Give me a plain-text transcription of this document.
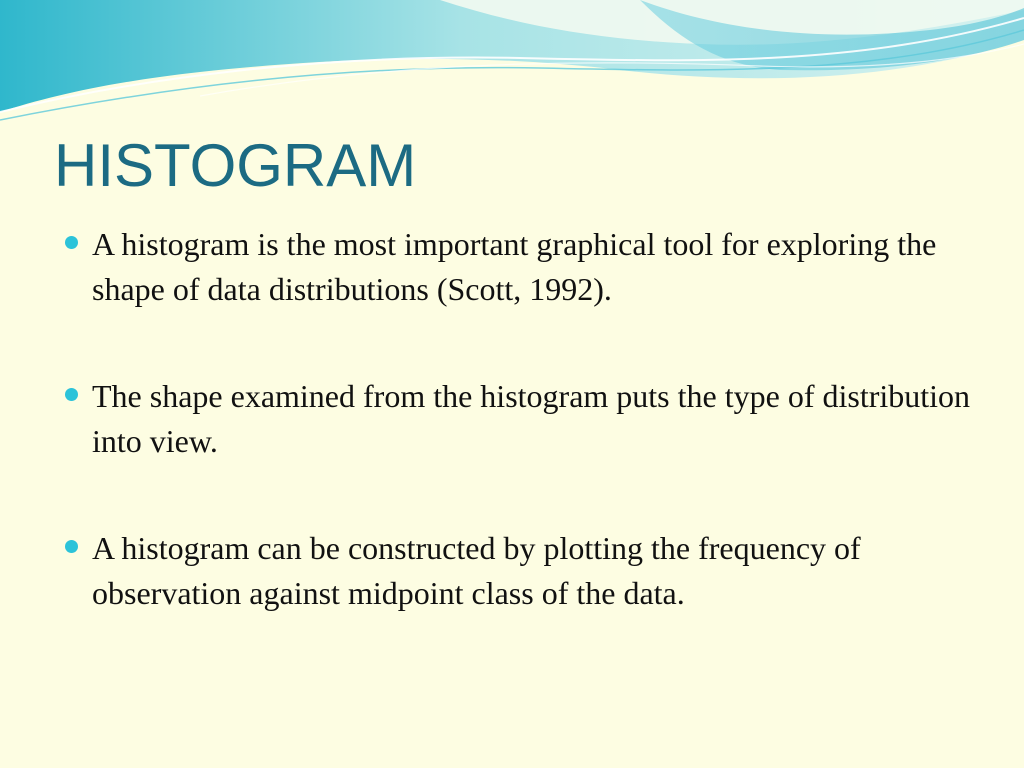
HISTOGRAM
A histogram is the most important graphical tool for exploring the shape of data distributions (Scott, 1992).
The shape examined from the histogram puts the type of distribution into view.
A histogram can be constructed by plotting the frequency of observation against midpoint class of the data.
